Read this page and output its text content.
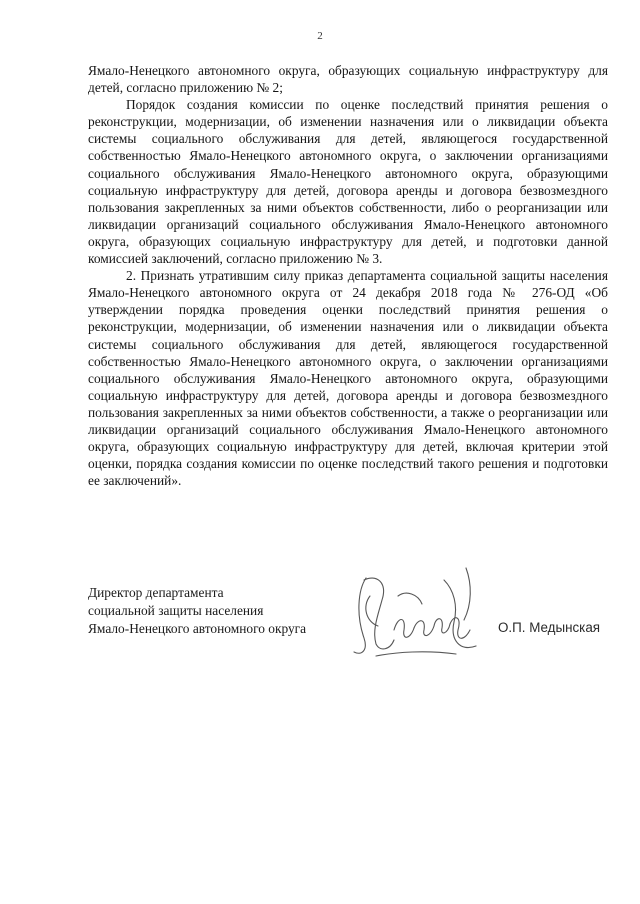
2

Ямало-Ненецкого автономного округа, образующих социальную инфраструктуру для детей, согласно приложению № 2;

Порядок создания комиссии по оценке последствий принятия решения о реконструкции, модернизации, об изменении назначения или о ликвидации объекта системы социального обслуживания для детей, являющегося государственной собственностью Ямало-Ненецкого автономного округа, о заключении организациями социального обслуживания Ямало-Ненецкого автономного округа, образующими социальную инфраструктуру для детей, договора аренды и договора безвозмездного пользования закрепленных за ними объектов собственности, либо о реорганизации или ликвидации организаций социального обслуживания Ямало-Ненецкого автономного округа, образующих социальную инфраструктуру для детей, и подготовки данной комиссией заключений, согласно приложению № 3.

2. Признать утратившим силу приказ департамента социальной защиты населения Ямало-Ненецкого автономного округа от 24 декабря 2018 года № 276-ОД «Об утверждении порядка проведения оценки последствий принятия решения о реконструкции, модернизации, об изменении назначения или о ликвидации объекта системы социального обслуживания для детей, являющегося государственной собственностью Ямало-Ненецкого автономного округа, о заключении организациями социального обслуживания Ямало-Ненецкого автономного округа, образующими социальную инфраструктуру для детей, договора аренды и договора безвозмездного пользования закрепленных за ними объектов собственности, а также о реорганизации или ликвидации организаций социального обслуживания Ямало-Ненецкого автономного округа, образующих социальную инфраструктуру для детей, включая критерии этой оценки, порядка создания комиссии по оценке последствий такого решения и подготовки ее заключений».

Директор департамента
социальной защиты населения
Ямало-Ненецкого автономного округа	О.П. Медынская
